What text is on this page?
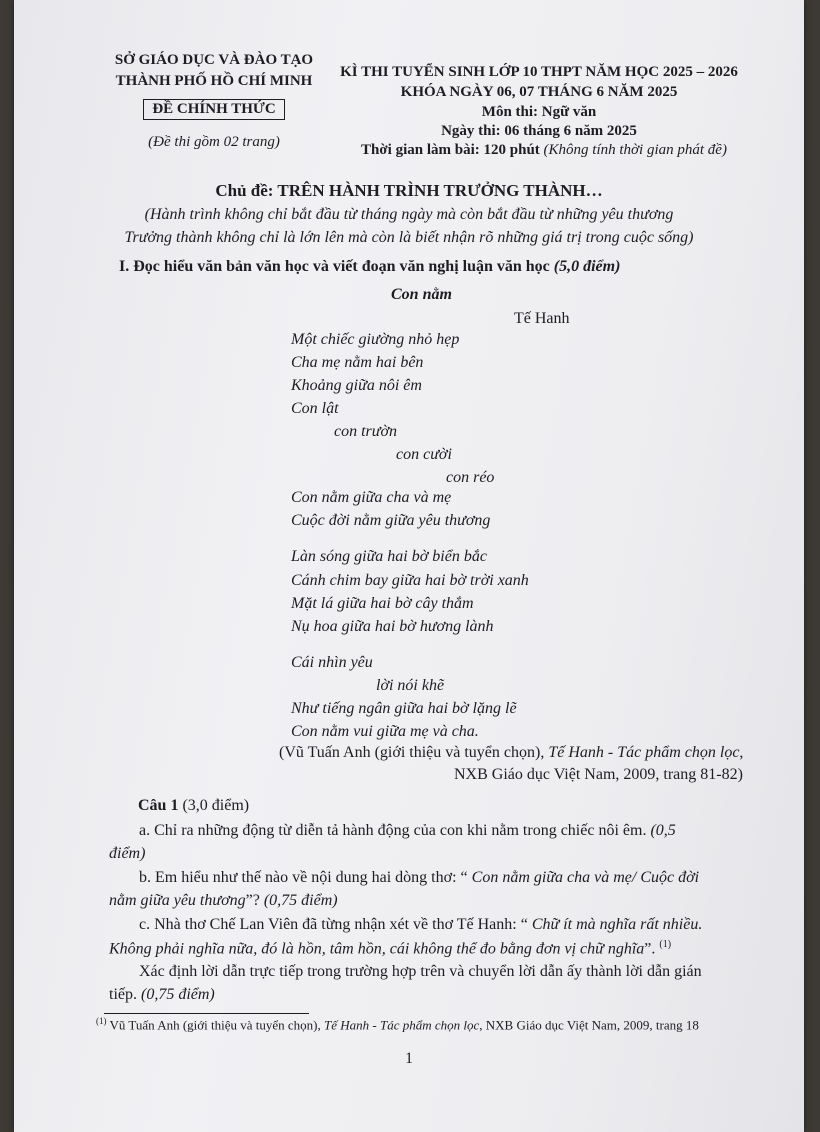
SỞ GIÁO DỤC VÀ ĐÀO TẠO
THÀNH PHỐ HỒ CHÍ MINH
ĐỀ CHÍNH THỨC
(Đề thi gồm 02 trang)
KÌ THI TUYỂN SINH LỚP 10 THPT NĂM HỌC 2025 – 2026
KHÓA NGÀY 06, 07 THÁNG 6 NĂM 2025
Môn thi: Ngữ văn
Ngày thi: 06 tháng 6 năm 2025
Thời gian làm bài: 120 phút (Không tính thời gian phát đề)
Chủ đề: TRÊN HÀNH TRÌNH TRƯỞNG THÀNH…
(Hành trình không chỉ bắt đầu từ tháng ngày mà còn bắt đầu từ những yêu thương
Trưởng thành không chỉ là lớn lên mà còn là biết nhận rõ những giá trị trong cuộc sống)
I. Đọc hiểu văn bản văn học và viết đoạn văn nghị luận văn học (5,0 điểm)
Con nằm
Tế Hanh
Một chiếc giường nhỏ hẹp
Cha mẹ nằm hai bên
Khoảng giữa nôi êm
Con lật
con trườn
con cười
con réo
Con nằm giữa cha và mẹ
Cuộc đời nằm giữa yêu thương
Làn sóng giữa hai bờ biển bắc
Cánh chim bay giữa hai bờ trời xanh
Mặt lá giữa hai bờ cây thắm
Nụ hoa giữa hai bờ hương lành
Cái nhìn yêu
lời nói khẽ
Như tiếng ngân giữa hai bờ lặng lẽ
Con nằm vui giữa mẹ và cha.
(Vũ Tuấn Anh (giới thiệu và tuyển chọn), Tế Hanh - Tác phẩm chọn lọc,
NXB Giáo dục Việt Nam, 2009, trang 81-82)
Câu 1 (3,0 điểm)
a. Chỉ ra những động từ diễn tả hành động của con khi nằm trong chiếc nôi êm. (0,5
điểm)
b. Em hiểu như thế nào về nội dung hai dòng thơ: “ Con nằm giữa cha và mẹ/ Cuộc đời
nằm giữa yêu thương”? (0,75 điểm)
c. Nhà thơ Chế Lan Viên đã từng nhận xét về thơ Tế Hanh: “ Chữ ít mà nghĩa rất nhiều.
Không phải nghĩa nữa, đó là hồn, tâm hồn, cái không thể đo bằng đơn vị chữ nghĩa”. $^{(1)}$
Xác định lời dẫn trực tiếp trong trường hợp trên và chuyển lời dẫn ấy thành lời dẫn gián
tiếp. (0,75 điểm)
$^{(1)}$ Vũ Tuấn Anh (giới thiệu và tuyển chọn), Tế Hanh - Tác phẩm chọn lọc, NXB Giáo dục Việt Nam, 2009, trang 18
1
